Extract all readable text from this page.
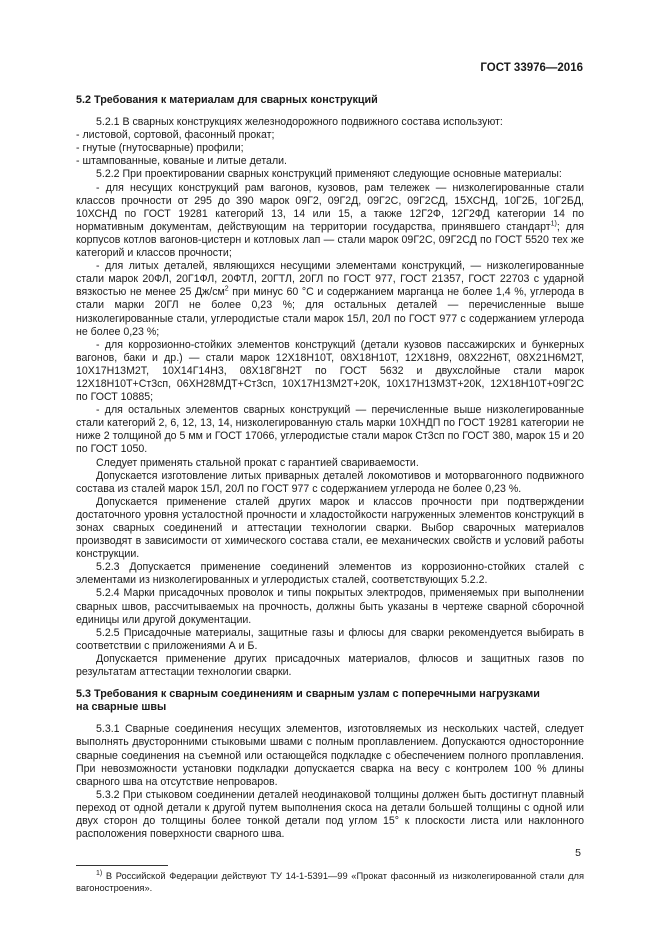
ГОСТ 33976—2016
5.2 Требования к материалам для сварных конструкций

5.2.1 В сварных конструкциях железнодорожного подвижного состава используют:

- листовой, сортовой, фасонный прокат;

- гнутые (гнутосварные) профили;

- штампованные, кованые и литые детали.

5.2.2 При проектировании сварных конструкций применяют следующие основные материалы:

- для несущих конструкций рам вагонов, кузовов, рам тележек — низколегированные стали классов прочности от 295 до 390 марок 09Г2, 09Г2Д, 09Г2С, 09Г2СД, 15ХСНД, 10Г2Б, 10Г2БД, 10ХСНД по ГОСТ 19281 категорий 13, 14 или 15, а также 12Г2Ф, 12Г2ФД категории 14 по нормативным документам, действующим на территории государства, принявшего стандарт$^{1)}$; для корпусов котлов вагонов-цистерн и котловых лап — стали марок 09Г2С, 09Г2СД по ГОСТ 5520 тех же категорий и классов прочности;

- для литых деталей, являющихся несущими элементами конструкций, — низколегированные стали марок 20ФЛ, 20Г1ФЛ, 20ФТЛ, 20ГТЛ, 20ГЛ по ГОСТ 977, ГОСТ 21357, ГОСТ 22703 с ударной вязкостью не менее 25 $Дж/см^2$ при минус 60 °С и содержанием марганца не более 1,4 %, углерода в стали марки 20ГЛ не более 0,23 %; для остальных деталей — перечисленные выше низколегированные стали, углеродистые стали марок 15Л, 20Л по ГОСТ 977 с содержанием углерода не более 0,23 %;

- для коррозионно-стойких элементов конструкций (детали кузовов пассажирских и бункерных вагонов, баки и др.) — стали марок 12Х18Н10Т, 08Х18Н10Т, 12Х18Н9, 08Х22Н6Т, 08Х21Н6М2Т, 10Х17Н13М2Т, 10Х14Г14Н3, 08Х18Г8Н2Т по ГОСТ 5632 и двухслойные стали марок 12Х18Н10Т+Ст3сп, 06ХН28МДТ+Ст3сп, 10Х17Н13М2Т+20К, 10Х17Н13М3Т+20К, 12Х18Н10Т+09Г2С по ГОСТ 10885;

- для остальных элементов сварных конструкций — перечисленные выше низколегированные стали категорий 2, 6, 12, 13, 14, низколегированную сталь марки 10ХНДП по ГОСТ 19281 категории не ниже 2 толщиной до 5 мм и ГОСТ 17066, углеродистые стали марок Ст3сп по ГОСТ 380, марок 15 и 20 по ГОСТ 1050.

Следует применять стальной прокат с гарантией свариваемости.

Допускается изготовление литых приварных деталей локомотивов и моторвагонного подвижного состава из сталей марок 15Л, 20Л по ГОСТ 977 с содержанием углерода не более 0,23 %.

Допускается применение сталей других марок и классов прочности при подтверждении достаточного уровня усталостной прочности и хладостойкости нагруженных элементов конструкций в зонах сварных соединений и аттестации технологии сварки. Выбор сварочных материалов производят в зависимости от химического состава стали, ее механических свойств и условий работы конструкции.

5.2.3 Допускается применение соединений элементов из коррозионно-стойких сталей с элементами из низколегированных и углеродистых сталей, соответствующих 5.2.2.

5.2.4 Марки присадочных проволок и типы покрытых электродов, применяемых при выполнении сварных швов, рассчитываемых на прочность, должны быть указаны в чертеже сварной сборочной единицы или другой документации.

5.2.5 Присадочные материалы, защитные газы и флюсы для сварки рекомендуется выбирать в соответствии с приложениями А и Б.

Допускается применение других присадочных материалов, флюсов и защитных газов по результатам аттестации технологии сварки.

5.3 Требования к сварным соединениям и сварным узлам с поперечными нагрузками
на сварные швы

5.3.1 Сварные соединения несущих элементов, изготовляемых из нескольких частей, следует выполнять двусторонними стыковыми швами с полным проплавлением. Допускаются односторонние сварные соединения на съемной или остающейся подкладке с обеспечением полного проплавления. При невозможности установки подкладки допускается сварка на весу с контролем 100 % длины сварного шва на отсутствие непроваров.

5.3.2 При стыковом соединении деталей неодинаковой толщины должен быть достигнут плавный переход от одной детали к другой путем выполнения скоса на детали большей толщины с одной или двух сторон до толщины более тонкой детали под углом 15° к плоскости листа или наклонного расположения поверхности сварного шва.

$^{1)}$ В Российской Федерации действуют ТУ 14-1-5391—99 «Прокат фасонный из низколегированной стали для вагоностроения».

5
